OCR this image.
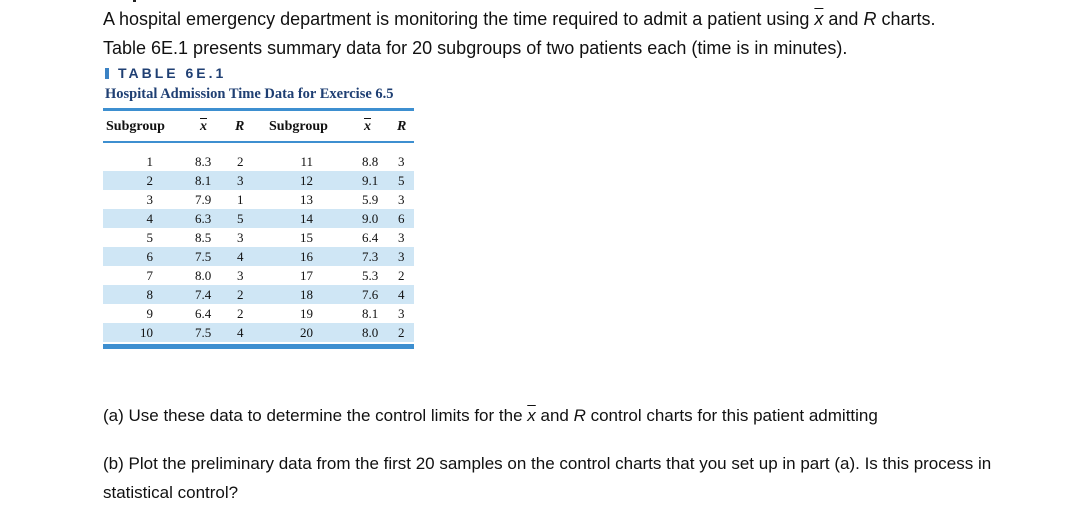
A hospital emergency department is monitoring the time required to admit a patient using $\overline{x}$ and R charts.
Table 6E.1 presents summary data for 20 subgroups of two patients each (time is in minutes).
TABLE 6E.1
Hospital Admission Time Data for Exercise 6.5
Subgroup	$\overline{x}$ R Subgroup	$\overline{x}$ R
1	8.3 2	11	8.8 3
2	8.1 3	12	9.1 5
3	7.9 1	13	5.9 3
4	6.3 5	14	9.0 6
5	8.5 3	15	6.4 3
6	7.5 4	16	7.3 3
7	8.0 3	17	5.3 2
8	7.4 2	18	7.6 4
9	6.4 2	19	8.1 3
10	7.5 4	20	8.0 2
(a) Use these data to determine the control limits for the $\overline{x}$ and R control charts for this patient admitting
(b) Plot the preliminary data from the first 20 samples on the control charts that you set up in part (a). Is this process in statistical control?
